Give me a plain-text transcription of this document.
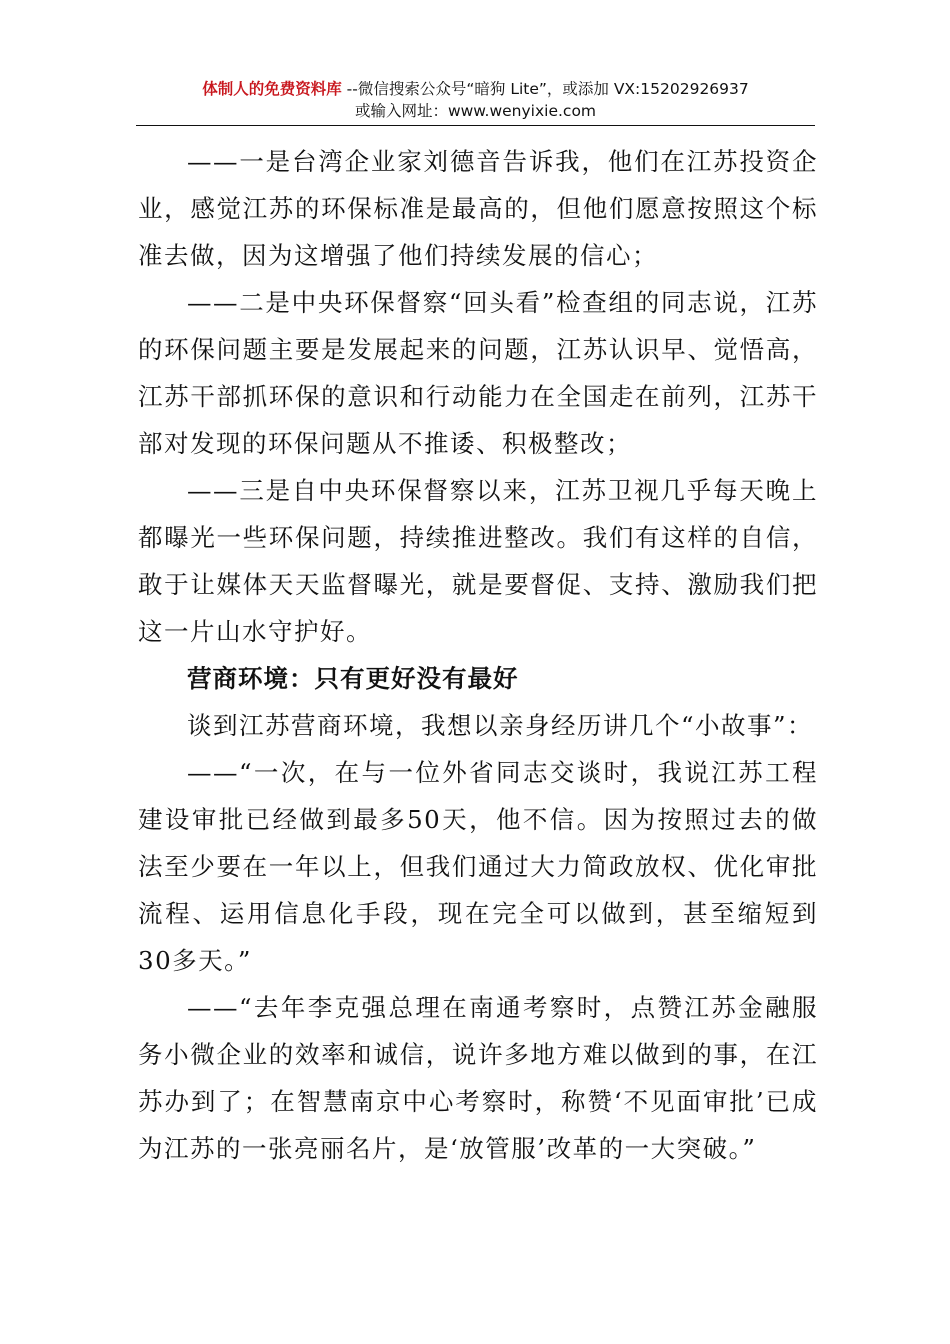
体制人的免费资料库 --微信搜索公众号“暗狗 Lite”，或添加 VX:15202926937
或输入网址：www.wenyixie.com

——一是台湾企业家刘德音告诉我，他们在江苏投资企业，感觉江苏的环保标准是最高的，但他们愿意按照这个标准去做，因为这增强了他们持续发展的信心；

——二是中央环保督察“回头看”检查组的同志说，江苏的环保问题主要是发展起来的问题，江苏认识早、觉悟高，江苏干部抓环保的意识和行动能力在全国走在前列，江苏干部对发现的环保问题从不推诿、积极整改；

——三是自中央环保督察以来，江苏卫视几乎每天晚上都曝光一些环保问题，持续推进整改。我们有这样的自信，敢于让媒体天天监督曝光，就是要督促、支持、激励我们把这一片山水守护好。

营商环境：只有更好没有最好

谈到江苏营商环境，我想以亲身经历讲几个“小故事”：

——“一次，在与一位外省同志交谈时，我说江苏工程建设审批已经做到最多50天，他不信。因为按照过去的做法至少要在一年以上，但我们通过大力简政放权、优化审批流程、运用信息化手段，现在完全可以做到，甚至缩短到30多天。”

——“去年李克强总理在南通考察时，点赞江苏金融服务小微企业的效率和诚信，说许多地方难以做到的事，在江苏办到了；在智慧南京中心考察时，称赞‘不见面审批’已成为江苏的一张亮丽名片，是‘放管服’改革的一大突破。”
